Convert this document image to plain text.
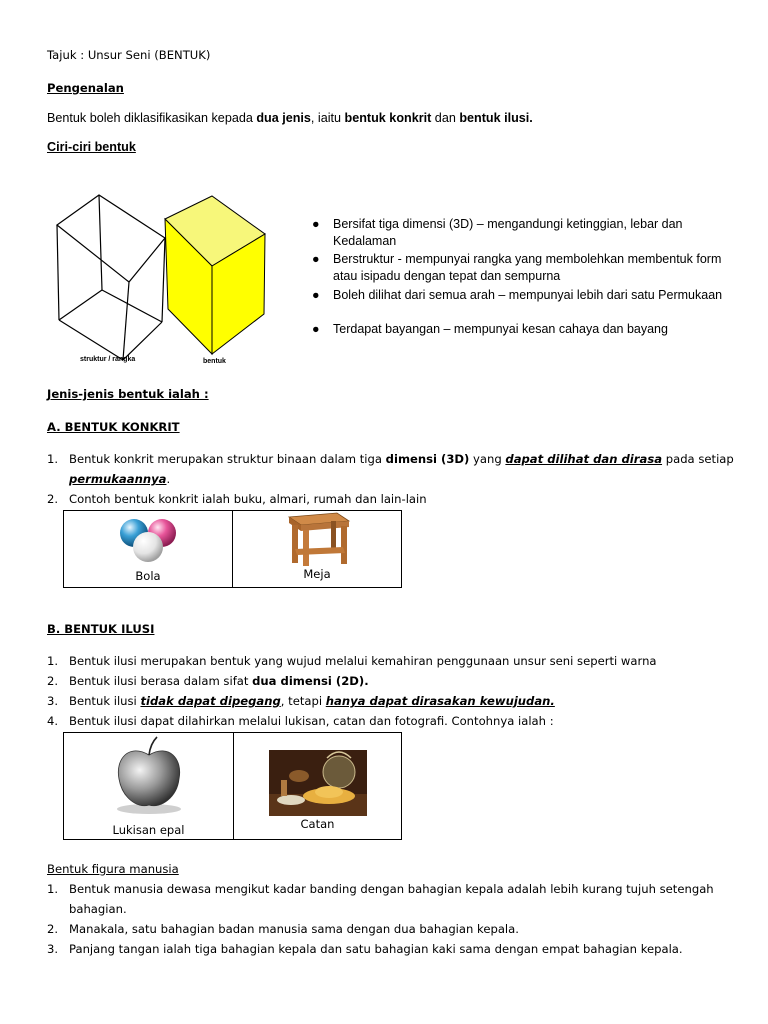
Tajuk : Unsur Seni (BENTUK)
Pengenalan
Bentuk boleh diklasifikasikan kepada dua jenis, iaitu bentuk konkrit dan bentuk ilusi.
Ciri-ciri bentuk
struktur / rangka	bentuk
● Bersifat tiga dimensi (3D) – mengandungi ketinggian, lebar dan Kedalaman
● Berstruktur - mempunyai rangka yang membolehkan membentuk form atau isipadu dengan tepat dan sempurna
● Boleh dilihat dari semua arah – mempunyai lebih dari satu Permukaan
● Terdapat bayangan – mempunyai kesan cahaya dan bayang
Jenis-jenis bentuk ialah :
A. BENTUK KONKRIT
1. Bentuk konkrit merupakan struktur binaan dalam tiga dimensi (3D) yang dapat dilihat dan dirasa pada setiap
permukaannya.
2. Contoh bentuk konkrit ialah buku, almari, rumah dan lain-lain
Bola	Meja
B. BENTUK ILUSI
1. Bentuk ilusi merupakan bentuk yang wujud melalui kemahiran penggunaan unsur seni seperti warna
2. Bentuk ilusi berasa dalam sifat dua dimensi (2D).
3. Bentuk ilusi tidak dapat dipegang, tetapi hanya dapat dirasakan kewujudan.
4. Bentuk ilusi dapat dilahirkan melalui lukisan, catan dan fotografi. Contohnya ialah :
Lukisan epal	Catan
Bentuk figura manusia
1. Bentuk manusia dewasa mengikut kadar banding dengan bahagian kepala adalah lebih kurang tujuh setengah
bahagian.
2. Manakala, satu bahagian badan manusia sama dengan dua bahagian kepala.
3. Panjang tangan ialah tiga bahagian kepala dan satu bahagian kaki sama dengan empat bahagian kepala.
